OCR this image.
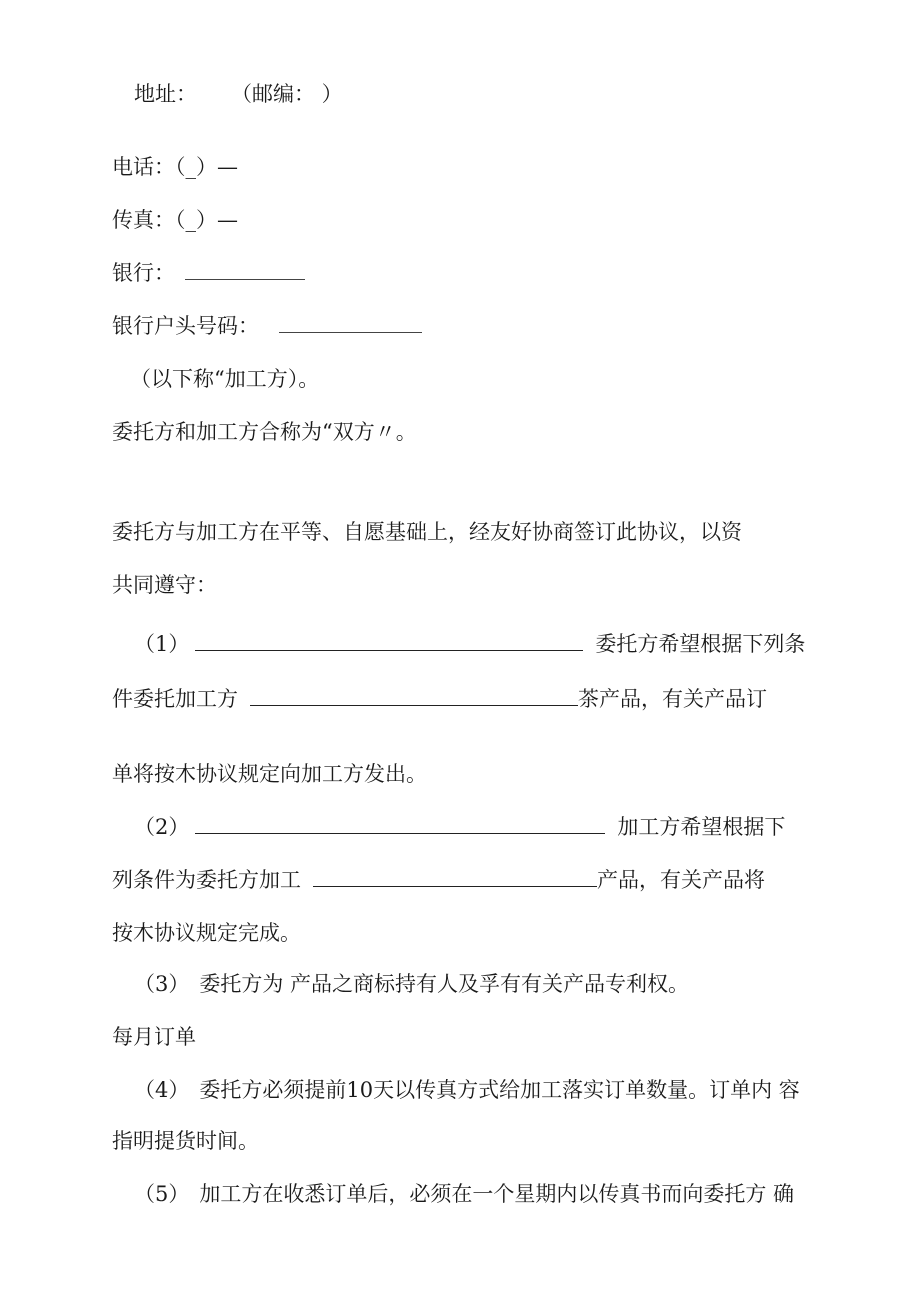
地址： （邮编： ）
电话：（_）—
传真：（_）—
银行：
银行户头号码：
（以下称“加工方）。
委托方和加工方合称为“双方〃。
委托方与加工方在平等、自愿基础上，经友好协商签订此协议，以资
共同遵守：
（1）	委托方希望根据下列条
件委托加工方	茶产品，有关产品订
单将按木协议规定向加工方发出。
（2）	加工方希望根据下
列条件为委托方加工	产品，有关产品将
按木协议规定完成。
（3） 委托方为 产品之商标持有人及孚有有关产品专利权。
每月订单
（4） 委托方必须提前10天以传真方式给加工落实订单数量。订单内 容
指明提货时间。
（5） 加工方在收悉订单后，必须在一个星期内以传真书而向委托方 确
